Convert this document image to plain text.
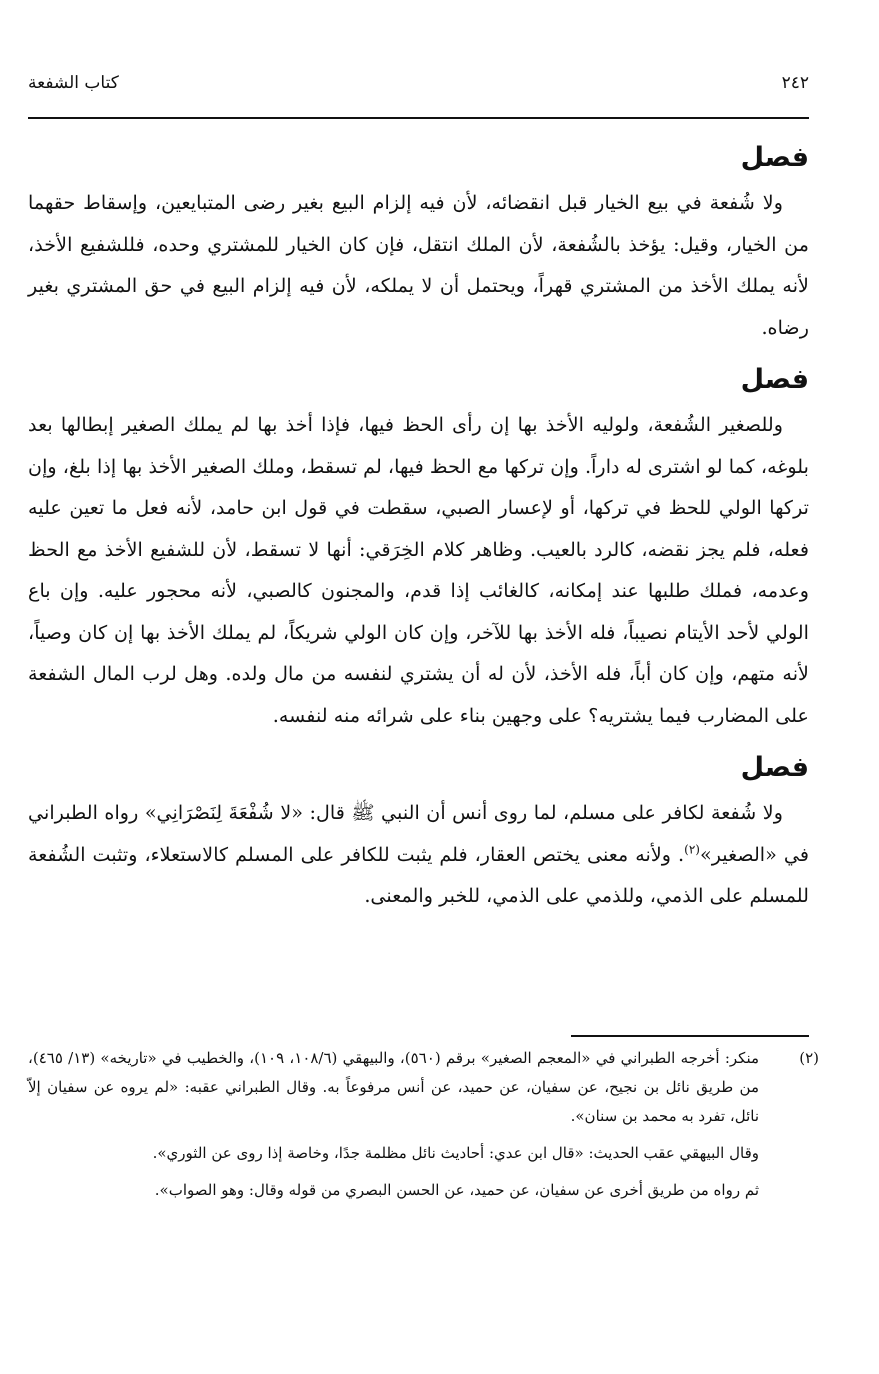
كتاب الشفعة	٢٤٢
فصل

ولا شُفعة في بيع الخيار قبل انقضائه، لأن فيه إلزام البيع بغير رضى المتبايعين، وإسقاط حقهما من الخيار، وقيل: يؤخذ بالشُفعة، لأن الملك انتقل، فإن كان الخيار للمشتري وحده، فللشفيع الأخذ، لأنه يملك الأخذ من المشتري قهراً، ويحتمل أن لا يملكه، لأن فيه إلزام البيع في حق المشتري بغير رضاه.

فصل

وللصغير الشُفعة، ولوليه الأخذ بها إن رأى الحظ فيها، فإذا أخذ بها لم يملك الصغير إبطالها بعد بلوغه، كما لو اشترى له داراً. وإن تركها مع الحظ فيها، لم تسقط، وملك الصغير الأخذ بها إذا بلغ، وإن تركها الولي للحظ في تركها، أو لإعسار الصبي، سقطت في قول ابن حامد، لأنه فعل ما تعين عليه فعله، فلم يجز نقضه، كالرد بالعيب. وظاهر كلام الخِرَقي: أنها لا تسقط، لأن للشفيع الأخذ مع الحظ وعدمه، فملك طلبها عند إمكانه، كالغائب إذا قدم، والمجنون كالصبي، لأنه محجور عليه. وإن باع الولي لأحد الأيتام نصيباً، فله الأخذ بها للآخر، وإن كان الولي شريكاً، لم يملك الأخذ بها إن كان وصياً، لأنه متهم، وإن كان أباً، فله الأخذ، لأن له أن يشتري لنفسه من مال ولده. وهل لرب المال الشفعة على المضارب فيما يشتريه؟ على وجهين بناء على شرائه منه لنفسه.

فصل

ولا شُفعة لكافر على مسلم، لما روى أنس أن النبي ﷺ قال: «لا شُفْعَةَ لِنَصْرَانِي» رواه الطبراني في «الصغير»$^{(٢)}$. ولأنه معنى يختص العقار، فلم يثبت للكافر على المسلم كالاستعلاء، وتثبت الشُفعة للمسلم على الذمي، وللذمي على الذمي، للخبر والمعنى.

(٢)

منكر: أخرجه الطبراني في «المعجم الصغير» برقم (٥٦٠)، والبيهقي (١٠٨/٦، ١٠٩)، والخطيب في «تاريخه» (١٣/ ٤٦٥)، من طريق نائل بن نجيح، عن سفيان، عن حميد، عن أنس مرفوعاً به. وقال الطبراني عقبه: «لم يروه عن سفيان إلاّ نائل، تفرد به محمد بن سنان».

وقال البيهقي عقب الحديث: «قال ابن عدي: أحاديث نائل مظلمة جدًا، وخاصة إذا روى عن الثوري».

ثم رواه من طريق أخرى عن سفيان، عن حميد، عن الحسن البصري من قوله وقال: وهو الصواب».
